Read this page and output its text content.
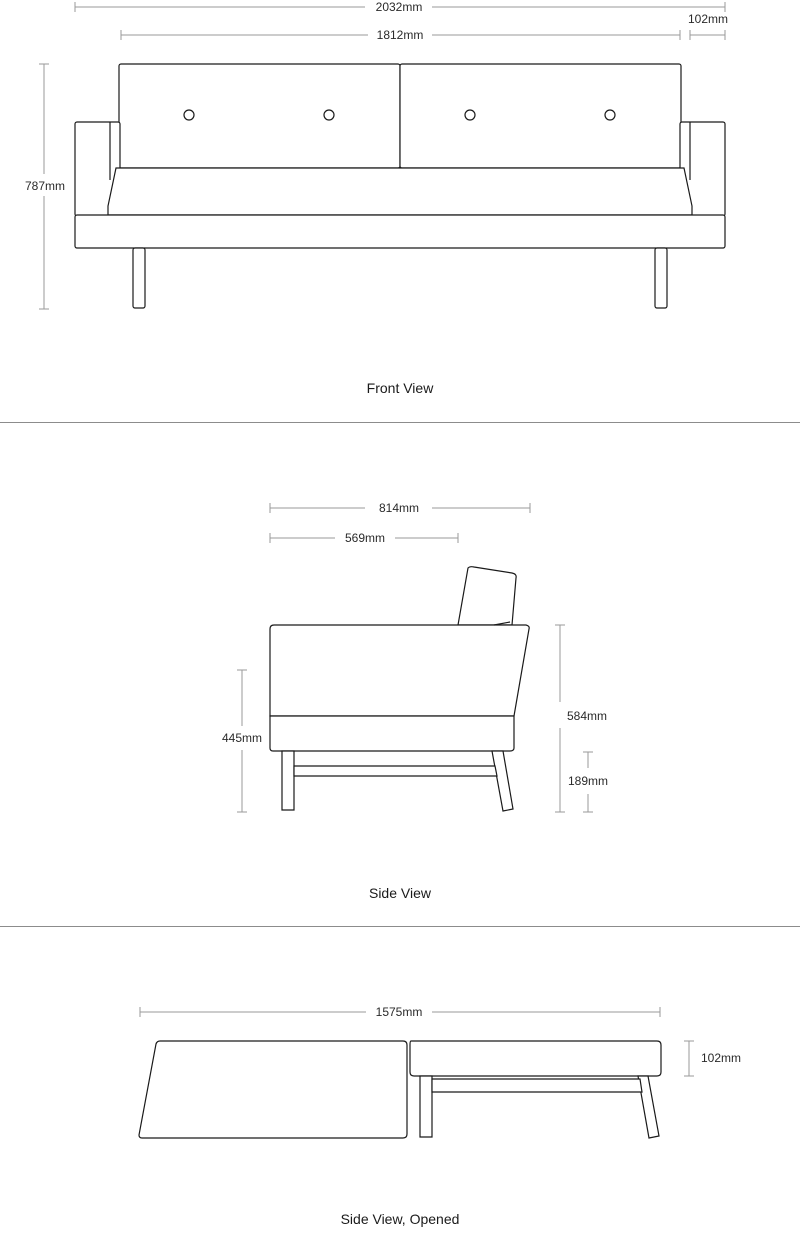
2032mm
102mm
1812mm
787mm
Front View
814mm
569mm
445mm
584mm
189mm
Side View
1575mm
102mm
Side View, Opened
